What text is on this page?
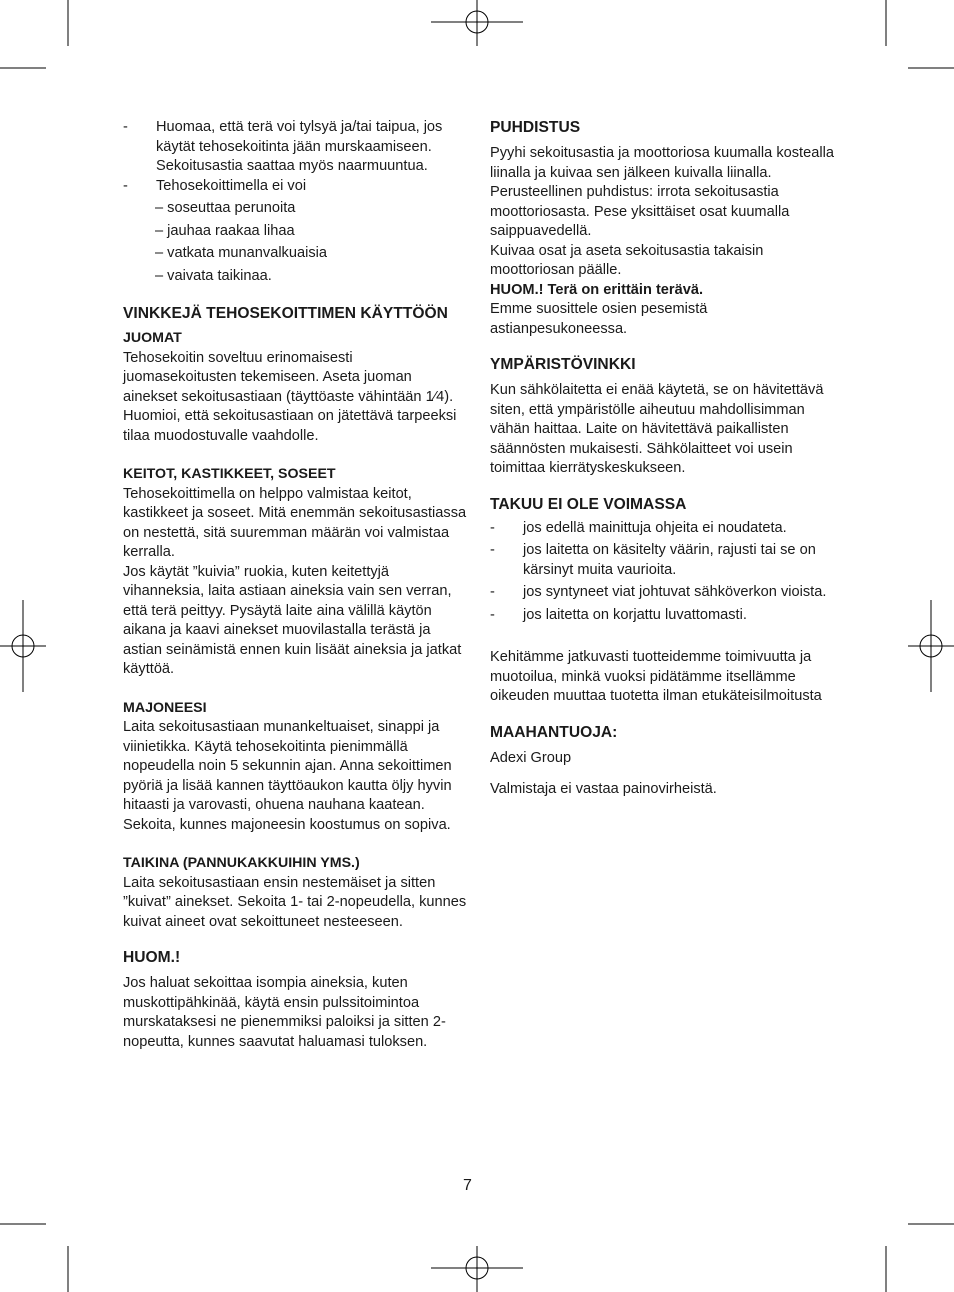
-	Huomaa, että terä voi tylsyä ja/tai taipua, jos käytät tehosekoitinta jään murskaamiseen. Sekoitusastia saattaa myös naarmuuntua.
-	Tehosekoittimella ei voi
– soseuttaa perunoita
– jauhaa raakaa lihaa
– vatkata munanvalkuaisia
– vaivata taikinaa.
VINKKEJÄ TEHOSEKOITTIMEN KÄYTTÖÖN
JUOMAT

Tehosekoitin soveltuu erinomaisesti juomasekoitusten tekemiseen. Aseta juoman ainekset sekoitusastiaan (täyttöaste vähintään 1⁄4). Huomioi, että sekoitusastiaan on jätettävä tarpeeksi tilaa muodostuvalle vaahdolle.

KEITOT, KASTIKKEET, SOSEET

Tehosekoittimella on helppo valmistaa keitot, kastikkeet ja soseet. Mitä enemmän sekoitusastiassa on nestettä, sitä suuremman määrän voi valmistaa kerralla.

Jos käytät ”kuivia” ruokia, kuten keitettyjä vihanneksia, laita astiaan aineksia vain sen verran, että terä peittyy. Pysäytä laite aina välillä käytön aikana ja kaavi ainekset muovilastalla terästä ja astian seinämistä ennen kuin lisäät aineksia ja jatkat käyttöä.

MAJONEESI

Laita sekoitusastiaan munankeltuaiset, sinappi ja viinietikka. Käytä tehosekoitinta pienimmällä nopeudella noin 5 sekunnin ajan. Anna sekoittimen pyöriä ja lisää kannen täyttöaukon kautta öljy hyvin hitaasti ja varovasti, ohuena nauhana kaatean.

Sekoita, kunnes majoneesin koostumus on sopiva.

TAIKINA (PANNUKAKKUIHIN YMS.)

Laita sekoitusastiaan ensin nestemäiset ja sitten ”kuivat” ainekset. Sekoita 1- tai 2-nopeudella, kunnes kuivat aineet ovat sekoittuneet nesteeseen.

HUOM.!

Jos haluat sekoittaa isompia aineksia, kuten muskottipähkinää, käytä ensin pulssitoimintoa murskataksesi ne pienemmiksi paloiksi ja sitten 2-nopeutta, kunnes saavutat haluamasi tuloksen.

PUHDISTUS

Pyyhi sekoitusastia ja moottoriosa kuumalla kostealla liinalla ja kuivaa sen jälkeen kuivalla liinalla.

Perusteellinen puhdistus: irrota sekoitusastia moottoriosasta. Pese yksittäiset osat kuumalla saippuavedellä.

Kuivaa osat ja aseta sekoitusastia takaisin moottoriosan päälle.

HUOM.! Terä on erittäin terävä.

Emme suosittele osien pesemistä astianpesukoneessa.

YMPÄRISTÖVINKKI

Kun sähkölaitetta ei enää käytetä, se on hävitettävä siten, että ympäristölle aiheutuu mahdollisimman vähän haittaa. Laite on hävitettävä paikallisten säännösten mukaisesti. Sähkölaitteet voi usein toimittaa kierrätyskeskukseen.

TAKUU EI OLE VOIMASSA
-	jos edellä mainittuja ohjeita ei noudateta.
-	jos laitetta on käsitelty väärin, rajusti tai se on kärsinyt muita vaurioita.
-	jos syntyneet viat johtuvat sähköverkon vioista.
-	jos laitetta on korjattu luvattomasti.

Kehitämme jatkuvasti tuotteidemme toimivuutta ja muotoilua, minkä vuoksi pidätämme itsellämme oikeuden muuttaa tuotetta ilman etukäteisilmoitusta

MAAHANTUOJA:

Adexi Group

Valmistaja ei vastaa painovirheistä.

7
